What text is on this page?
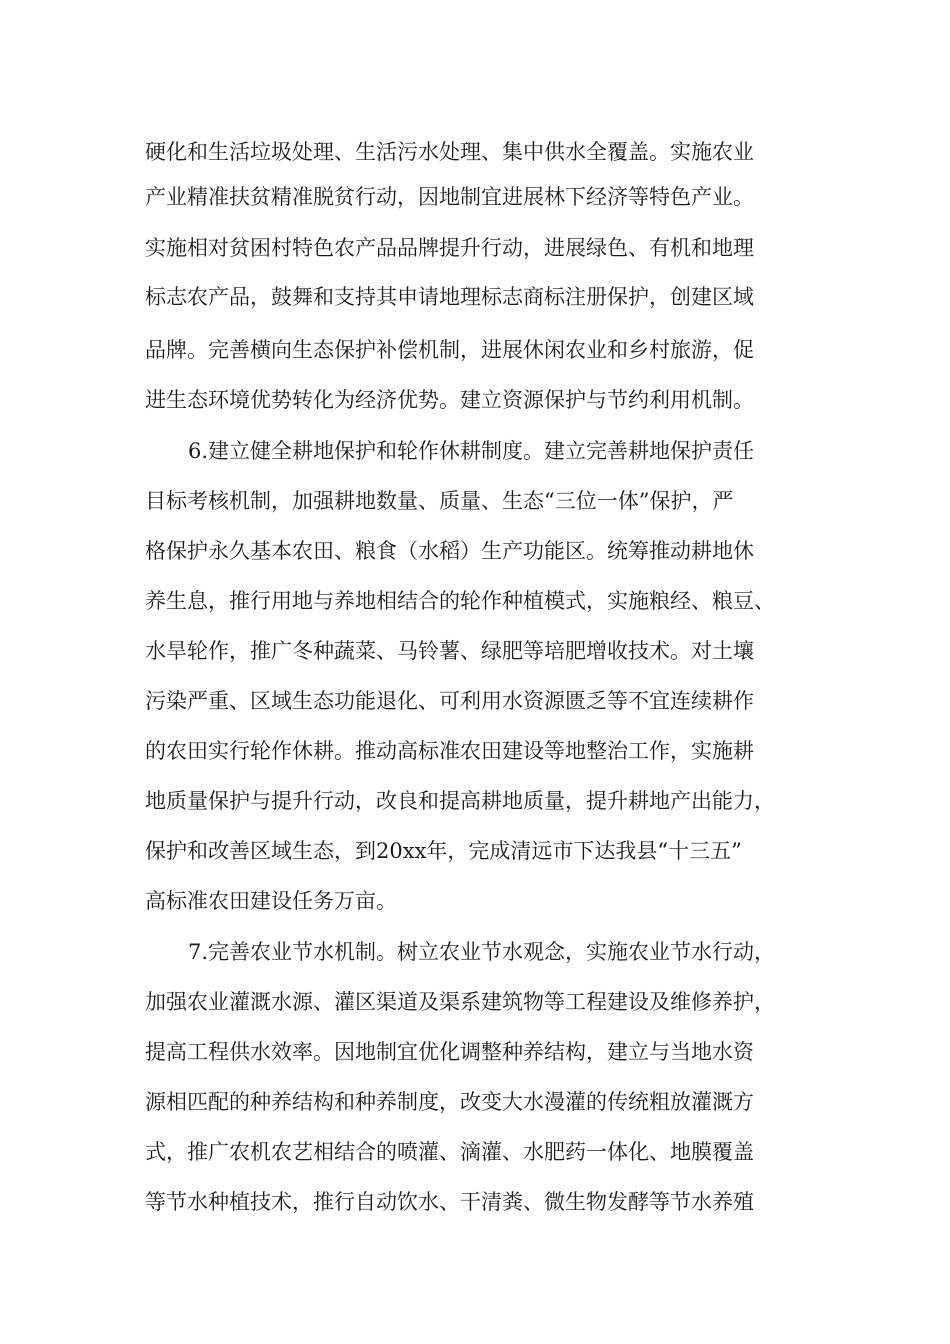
硬化和生活垃圾处理、生活污水处理、集中供水全覆盖。实施农业
产业精准扶贫精准脱贫行动，因地制宜进展林下经济等特色产业。
实施相对贫困村特色农产品品牌提升行动，进展绿色、有机和地理
标志农产品，鼓舞和支持其申请地理标志商标注册保护，创建区域
品牌。完善横向生态保护补偿机制，进展休闲农业和乡村旅游，促
进生态环境优势转化为经济优势。建立资源保护与节约利用机制。
6.建立健全耕地保护和轮作休耕制度。建立完善耕地保护责任
目标考核机制，加强耕地数量、质量、生态“三位一体”保护，严
格保护永久基本农田、粮食（水稻）生产功能区。统筹推动耕地休
养生息，推行用地与养地相结合的轮作种植模式，实施粮经、粮豆、
水旱轮作，推广冬种蔬菜、马铃薯、绿肥等培肥增收技术。对土壤
污染严重、区域生态功能退化、可利用水资源匮乏等不宜连续耕作
的农田实行轮作休耕。推动高标准农田建设等地整治工作，实施耕
地质量保护与提升行动，改良和提高耕地质量，提升耕地产出能力，
保护和改善区域生态，到20xx年，完成清远市下达我县“十三五”
高标准农田建设任务万亩。
7.完善农业节水机制。树立农业节水观念，实施农业节水行动，
加强农业灌溉水源、灌区渠道及渠系建筑物等工程建设及维修养护，
提高工程供水效率。因地制宜优化调整种养结构，建立与当地水资
源相匹配的种养结构和种养制度，改变大水漫灌的传统粗放灌溉方
式，推广农机农艺相结合的喷灌、滴灌、水肥药一体化、地膜覆盖
等节水种植技术，推行自动饮水、干清粪、微生物发酵等节水养殖
